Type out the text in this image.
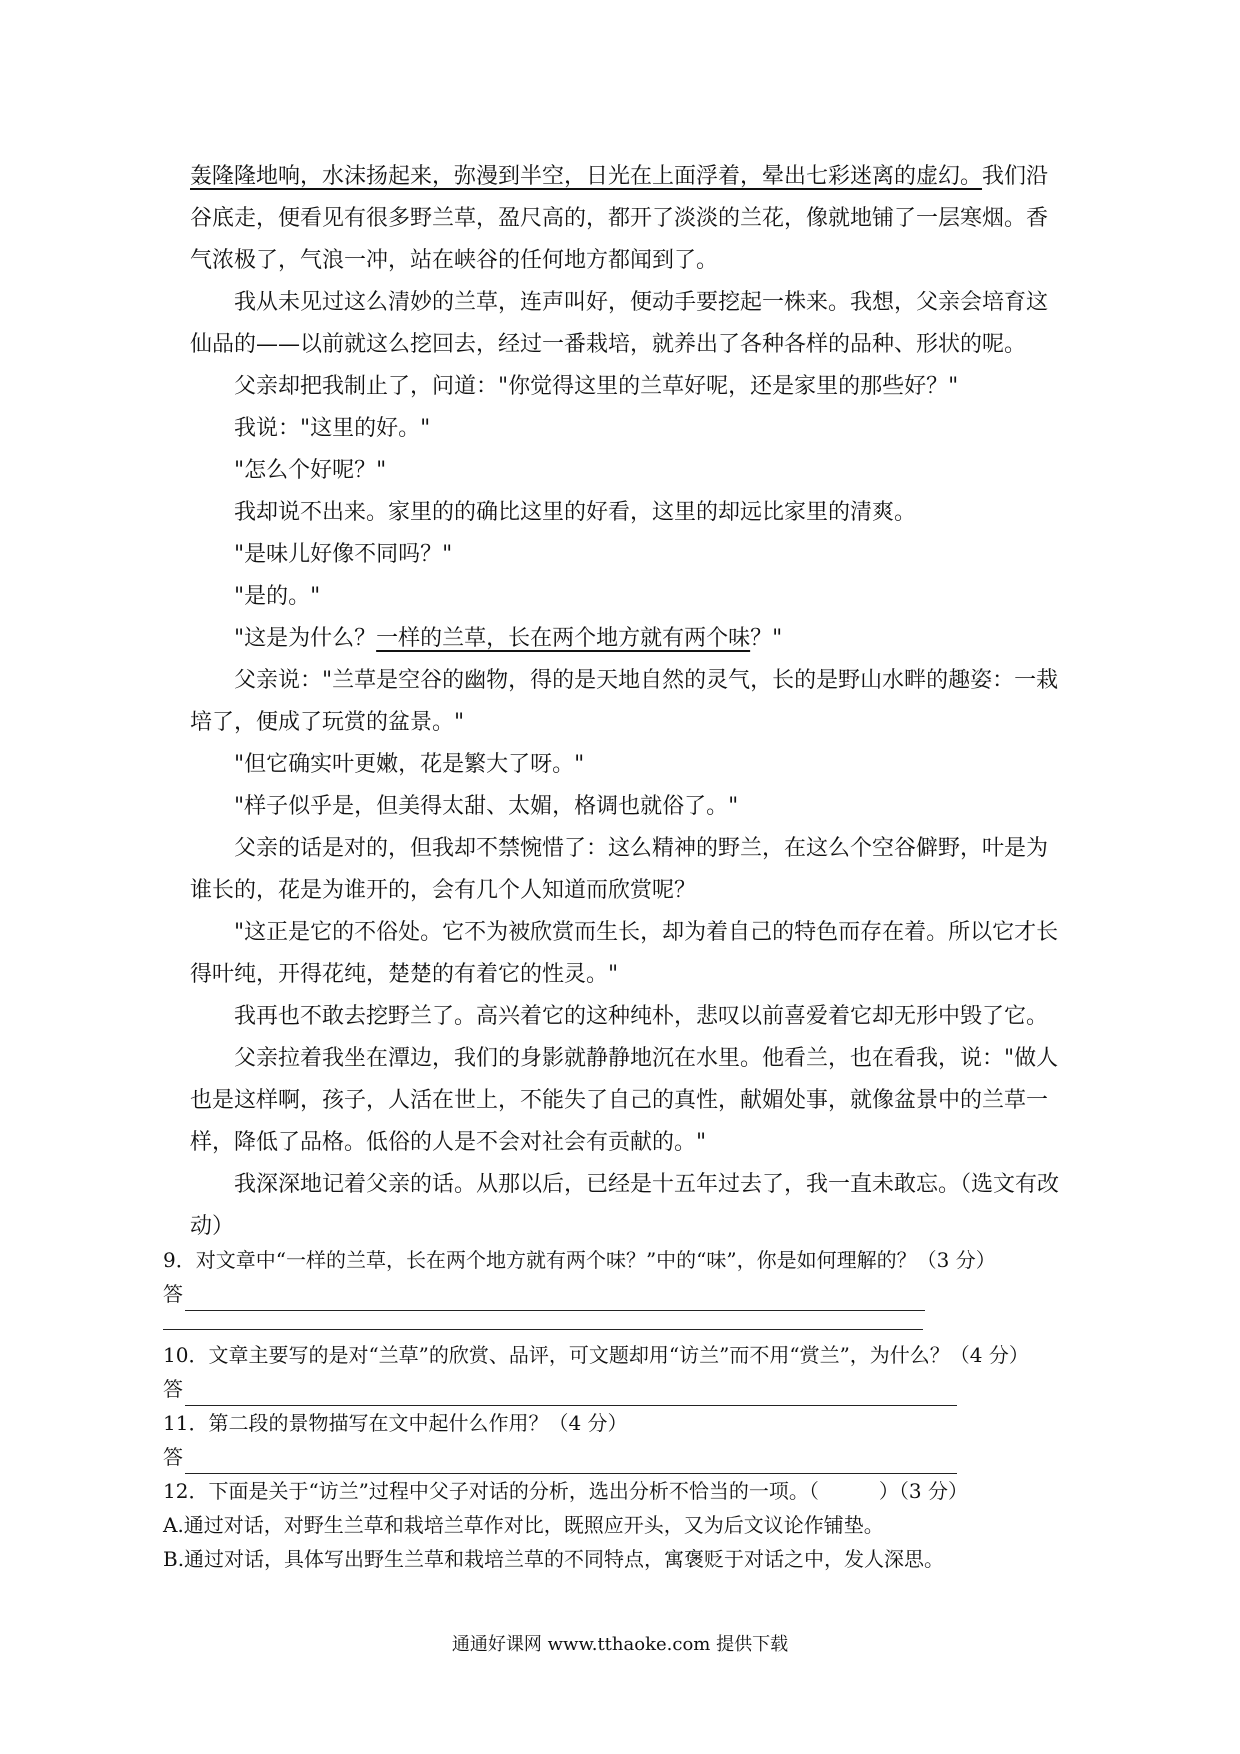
轰隆隆地响，水沫扬起来，弥漫到半空，日光在上面浮着，晕出七彩迷离的虚幻。我们沿谷底走，便看见有很多野兰草，盈尺高的，都开了淡淡的兰花，像就地铺了一层寒烟。香气浓极了，气浪一冲，站在峡谷的任何地方都闻到了。

我从未见过这么清妙的兰草，连声叫好，便动手要挖起一株来。我想，父亲会培育这仙品的——以前就这么挖回去，经过一番栽培，就养出了各种各样的品种、形状的呢。

父亲却把我制止了，问道："你觉得这里的兰草好呢，还是家里的那些好？"

我说："这里的好。"

"怎么个好呢？"

我却说不出来。家里的的确比这里的好看，这里的却远比家里的清爽。

"是味儿好像不同吗？"

"是的。"

"这是为什么？一样的兰草，长在两个地方就有两个味？"

父亲说："兰草是空谷的幽物，得的是天地自然的灵气，长的是野山水畔的趣姿：一栽培了，便成了玩赏的盆景。"

"但它确实叶更嫩，花是繁大了呀。"

"样子似乎是，但美得太甜、太媚，格调也就俗了。"

父亲的话是对的，但我却不禁惋惜了：这么精神的野兰，在这么个空谷僻野，叶是为谁长的，花是为谁开的，会有几个人知道而欣赏呢？

"这正是它的不俗处。它不为被欣赏而生长，却为着自己的特色而存在着。所以它才长得叶纯，开得花纯，楚楚的有着它的性灵。"

我再也不敢去挖野兰了。高兴着它的这种纯朴，悲叹以前喜爱着它却无形中毁了它。

父亲拉着我坐在潭边，我们的身影就静静地沉在水里。他看兰，也在看我，说："做人也是这样啊，孩子，人活在世上，不能失了自己的真性，献媚处事，就像盆景中的兰草一样，降低了品格。低俗的人是不会对社会有贡献的。"

我深深地记着父亲的话。从那以后，已经是十五年过去了，我一直未敢忘。（选文有改动）

9．对文章中“一样的兰草，长在两个地方就有两个味？”中的“味”，你是如何理解的？（3 分）

答

10．文章主要写的是对“兰草”的欣赏、品评，可文题却用“访兰”而不用“赏兰”，为什么？（4 分）

答

11．第二段的景物描写在文中起什么作用？（4 分）

答

12．下面是关于“访兰”过程中父子对话的分析，选出分析不恰当的一项。（　　　）（3 分）

A.通过对话，对野生兰草和栽培兰草作对比，既照应开头，又为后文议论作铺垫。

B.通过对话，具体写出野生兰草和栽培兰草的不同特点，寓褒贬于对话之中，发人深思。

通通好课网 www.tthaoke.com 提供下载
